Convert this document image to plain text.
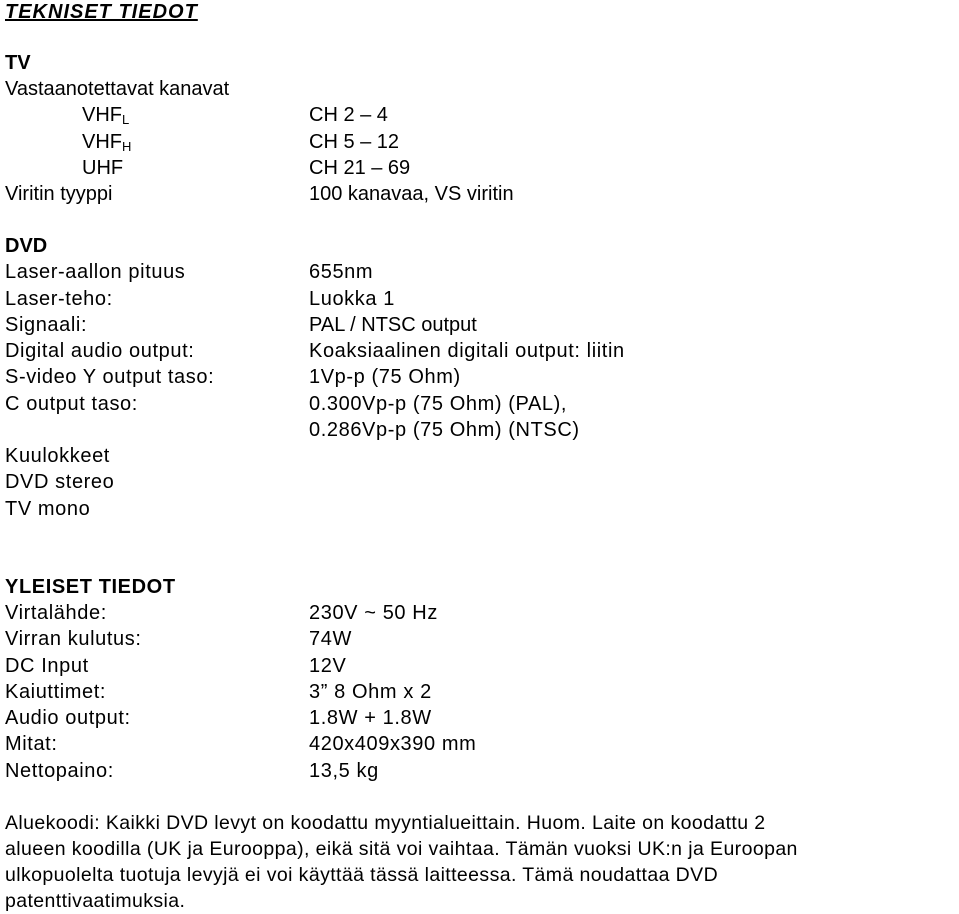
TEKNISET TIEDOT
TV
Vastaanotettavat kanavat
$VHF_L$	CH 2 – 4
$VHF_H$	CH 5 – 12
UHF	CH 21 – 69
Viritin tyyppi	100 kanavaa, VS viritin
DVD
Laser-aallon pituus	655nm
Laser-teho:	Luokka 1
Signaali:	PAL / NTSC output
Digital audio output:	Koaksiaalinen digitali output: liitin
S-video Y output taso:	1Vp-p (75 Ohm)
C output taso:	0.300Vp-p (75 Ohm) (PAL),
0.286Vp-p (75 Ohm) (NTSC)
Kuulokkeet
DVD stereo
TV mono
YLEISET TIEDOT
Virtalähde:	230V ~ 50 Hz
Virran kulutus:	74W
DC Input	12V
Kaiuttimet:	3” 8 Ohm x 2
Audio output:	1.8W + 1.8W
Mitat:	420x409x390 mm
Nettopaino:	13,5 kg
Aluekoodi: Kaikki DVD levyt on koodattu myyntialueittain. Huom. Laite on koodattu 2
alueen koodilla (UK ja Eurooppa), eikä sitä voi vaihtaa. Tämän vuoksi UK:n ja Euroopan
ulkopuolelta tuotuja levyjä ei voi käyttää tässä laitteessa. Tämä noudattaa DVD
patenttivaatimuksia.
